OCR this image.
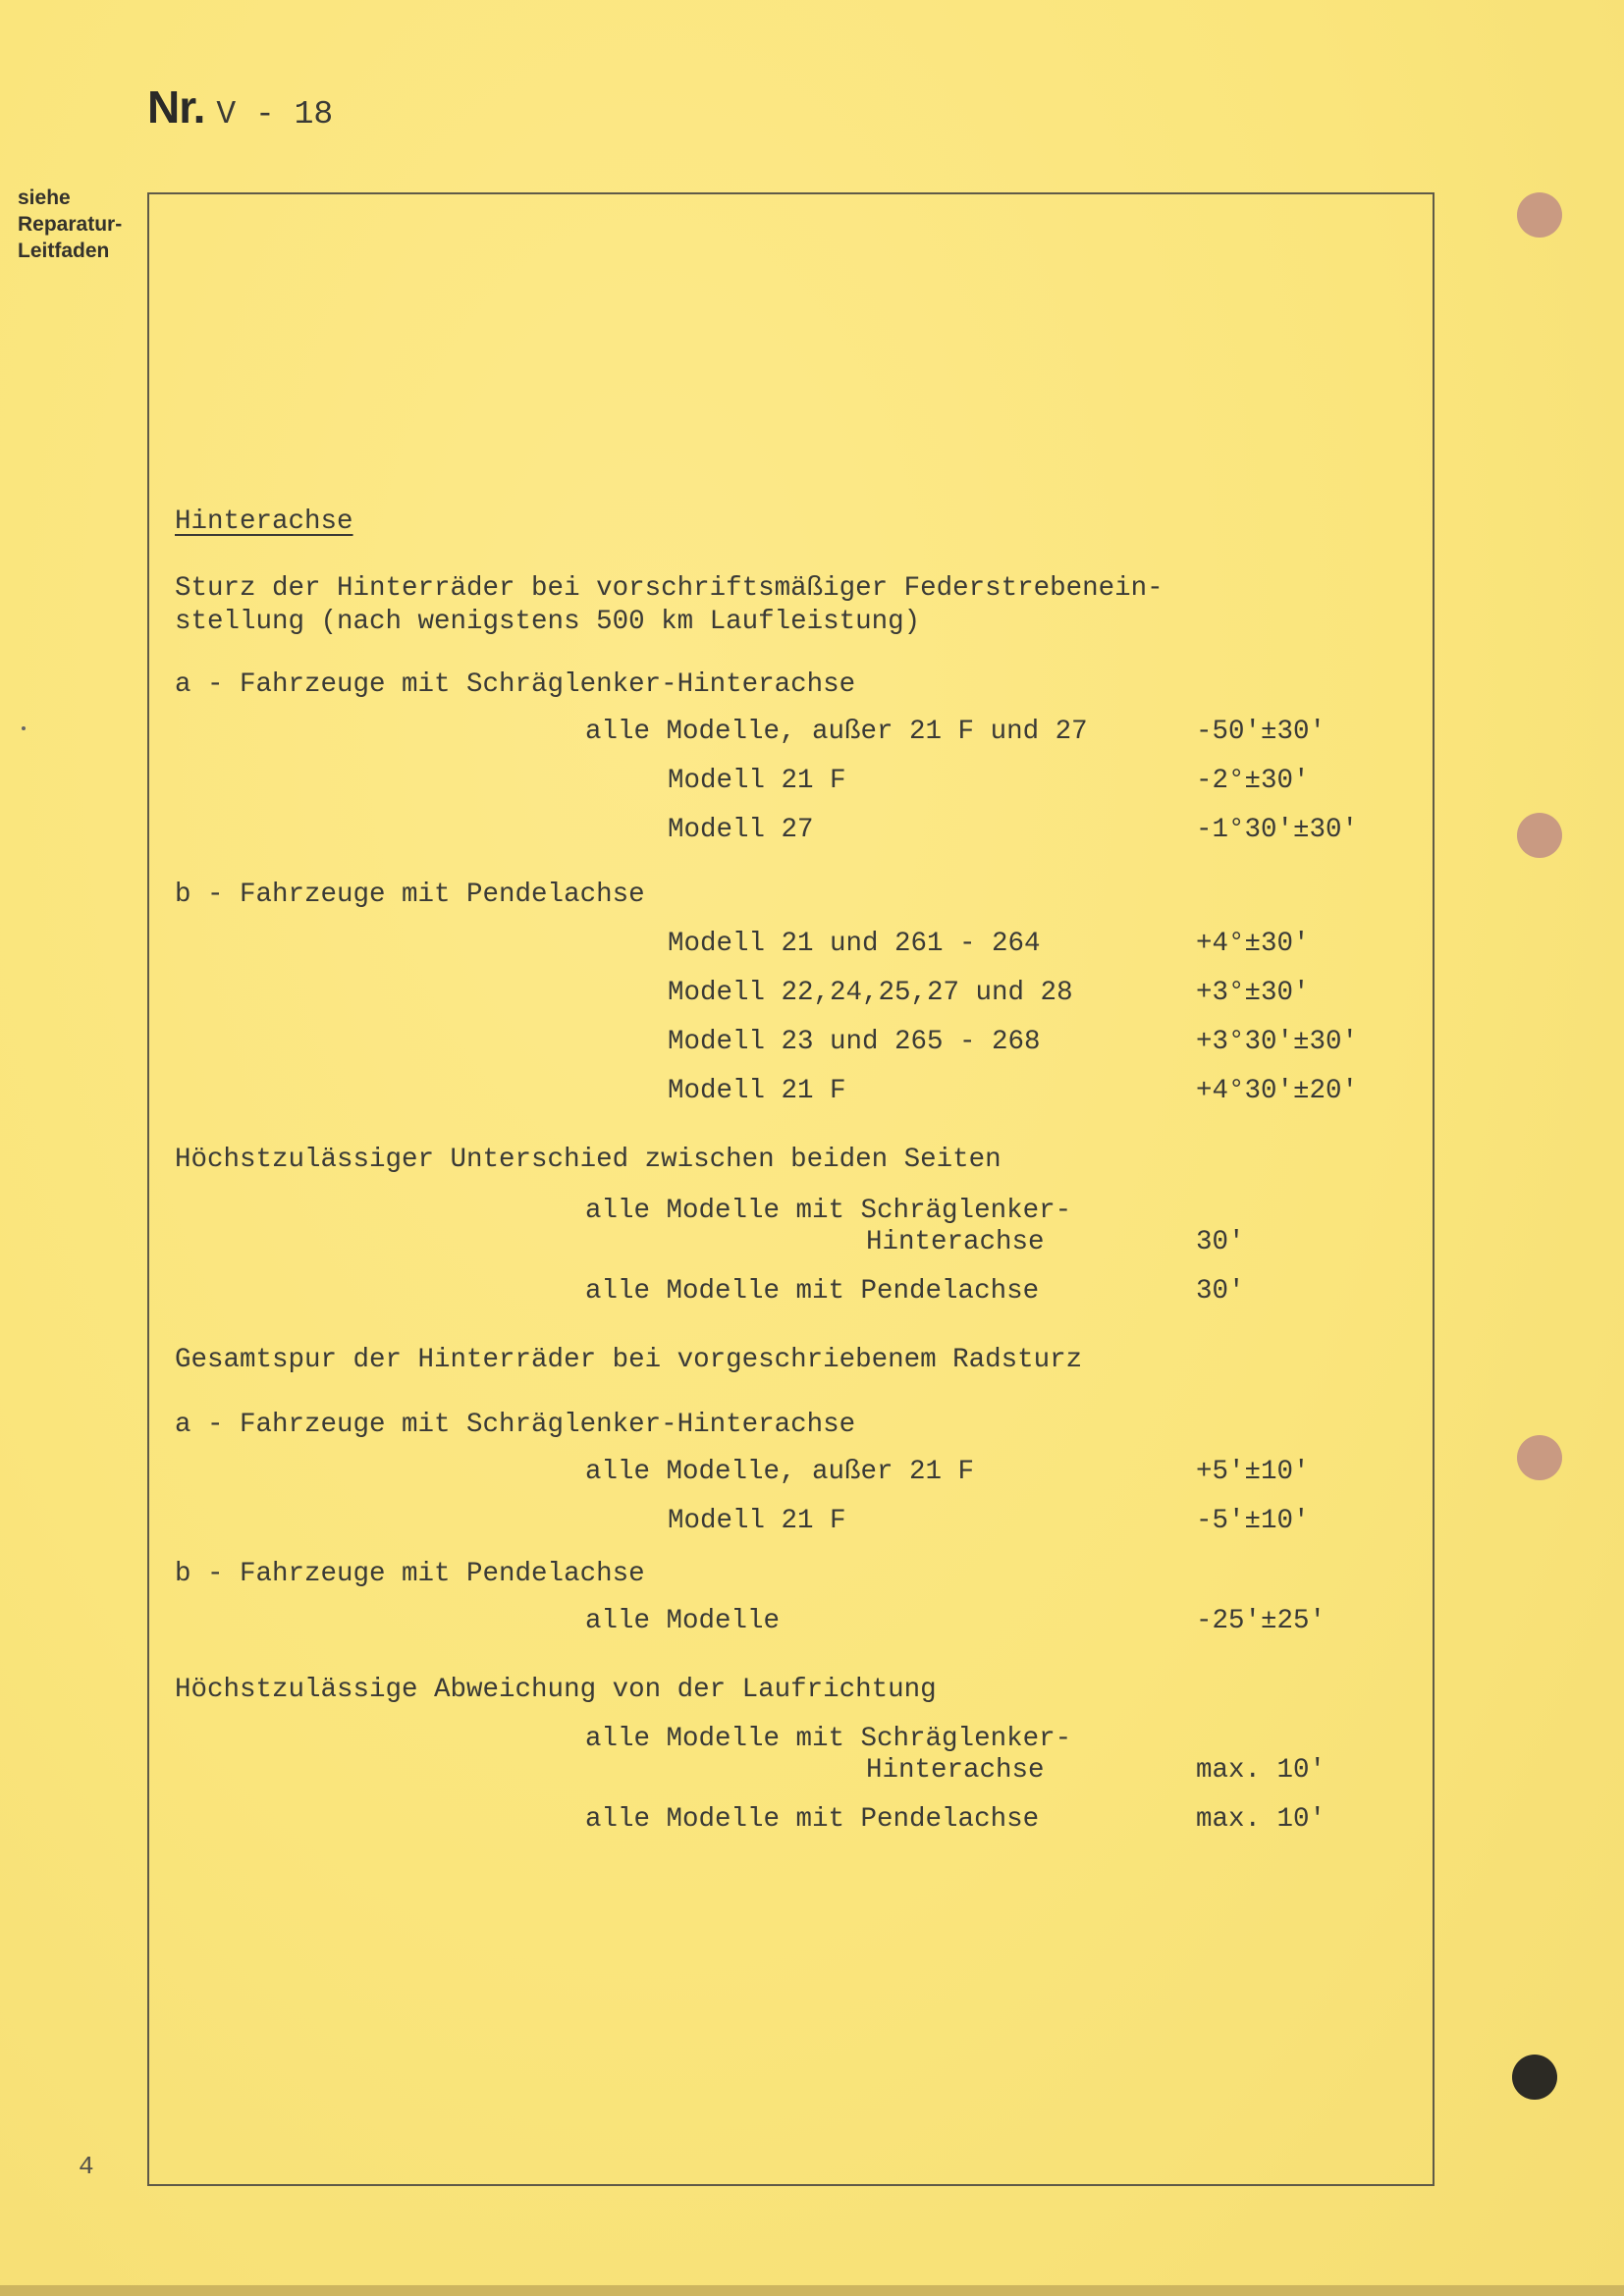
Nr. V - 18
siehe
Reparatur-
Leitfaden
Hinterachse
Sturz der Hinterräder bei vorschriftsmäßiger Federstrebenein-
stellung (nach wenigstens 500 km Laufleistung)
a - Fahrzeuge mit Schräglenker-Hinterachse
alle Modelle, außer 21 F und 27	-50'±30'
Modell 21 F	-2°±30'
Modell 27	-1°30'±30'
b - Fahrzeuge mit Pendelachse
Modell 21 und 261 - 264	+4°±30'
Modell 22,24,25,27 und 28	+3°±30'
Modell 23 und 265 - 268	+3°30'±30'
Modell 21 F	+4°30'±20'
Höchstzulässiger Unterschied zwischen beiden Seiten
alle Modelle mit Schräglenker-
Hinterachse	30'
alle Modelle mit Pendelachse	30'
Gesamtspur der Hinterräder bei vorgeschriebenem Radsturz
a - Fahrzeuge mit Schräglenker-Hinterachse
alle Modelle, außer 21 F	+5'±10'
Modell 21 F	-5'±10'
b - Fahrzeuge mit Pendelachse
alle Modelle	-25'±25'
Höchstzulässige Abweichung von der Laufrichtung
alle Modelle mit Schräglenker-
Hinterachse	max. 10'
alle Modelle mit Pendelachse	max. 10'
4
